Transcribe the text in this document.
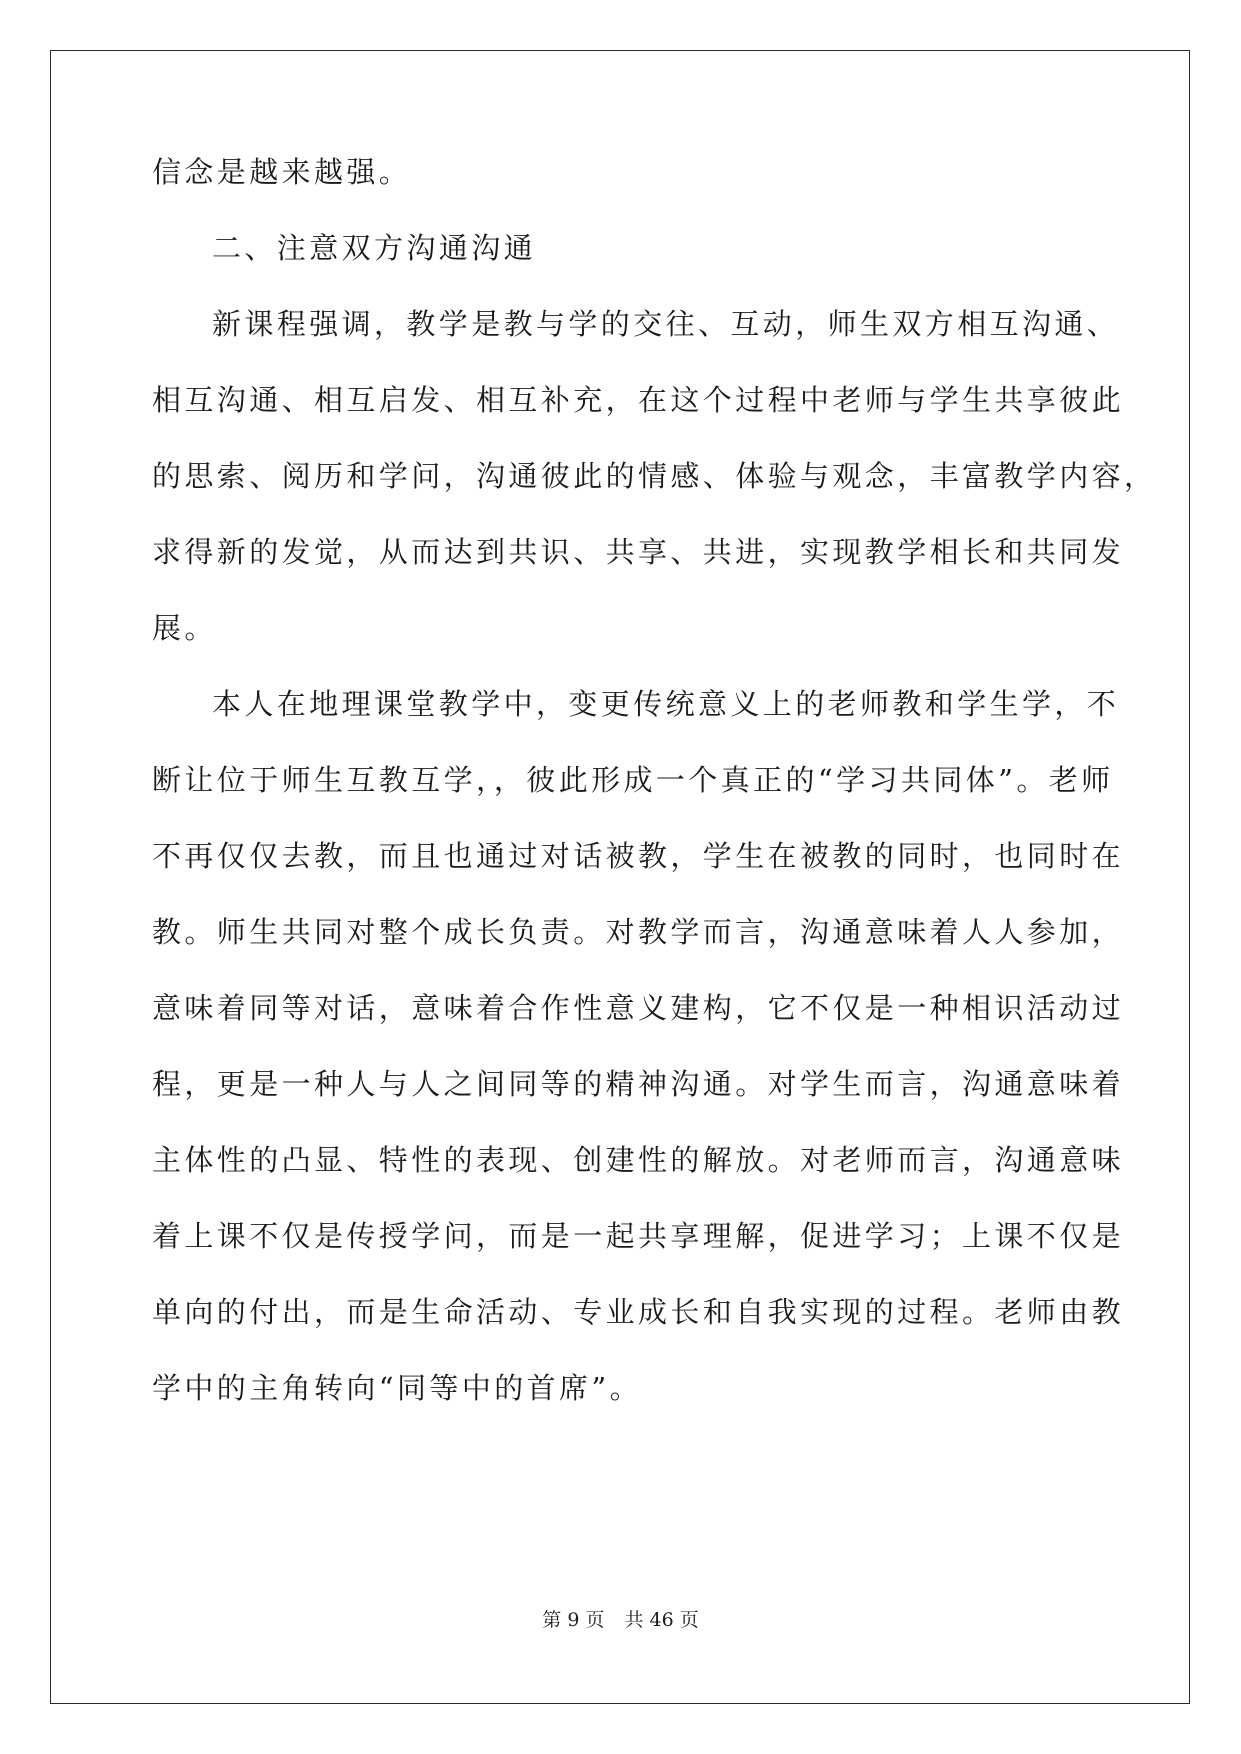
信念是越来越强。
二、注意双方沟通沟通
新课程强调，教学是教与学的交往、互动，师生双方相互沟通、
相互沟通、相互启发、相互补充，在这个过程中老师与学生共享彼此
的思索、阅历和学问，沟通彼此的情感、体验与观念，丰富教学内容，
求得新的发觉，从而达到共识、共享、共进，实现教学相长和共同发
展。
本人在地理课堂教学中，变更传统意义上的老师教和学生学，不
断让位于师生互教互学，，彼此形成一个真正的“学习共同体”。老师
不再仅仅去教，而且也通过对话被教，学生在被教的同时，也同时在
教。师生共同对整个成长负责。对教学而言，沟通意味着人人参加，
意味着同等对话，意味着合作性意义建构，它不仅是一种相识活动过
程，更是一种人与人之间同等的精神沟通。对学生而言，沟通意味着
主体性的凸显、特性的表现、创建性的解放。对老师而言，沟通意味
着上课不仅是传授学问，而是一起共享理解，促进学习；上课不仅是
单向的付出，而是生命活动、专业成长和自我实现的过程。老师由教
学中的主角转向“同等中的首席”。
第 9 页 共 46 页
